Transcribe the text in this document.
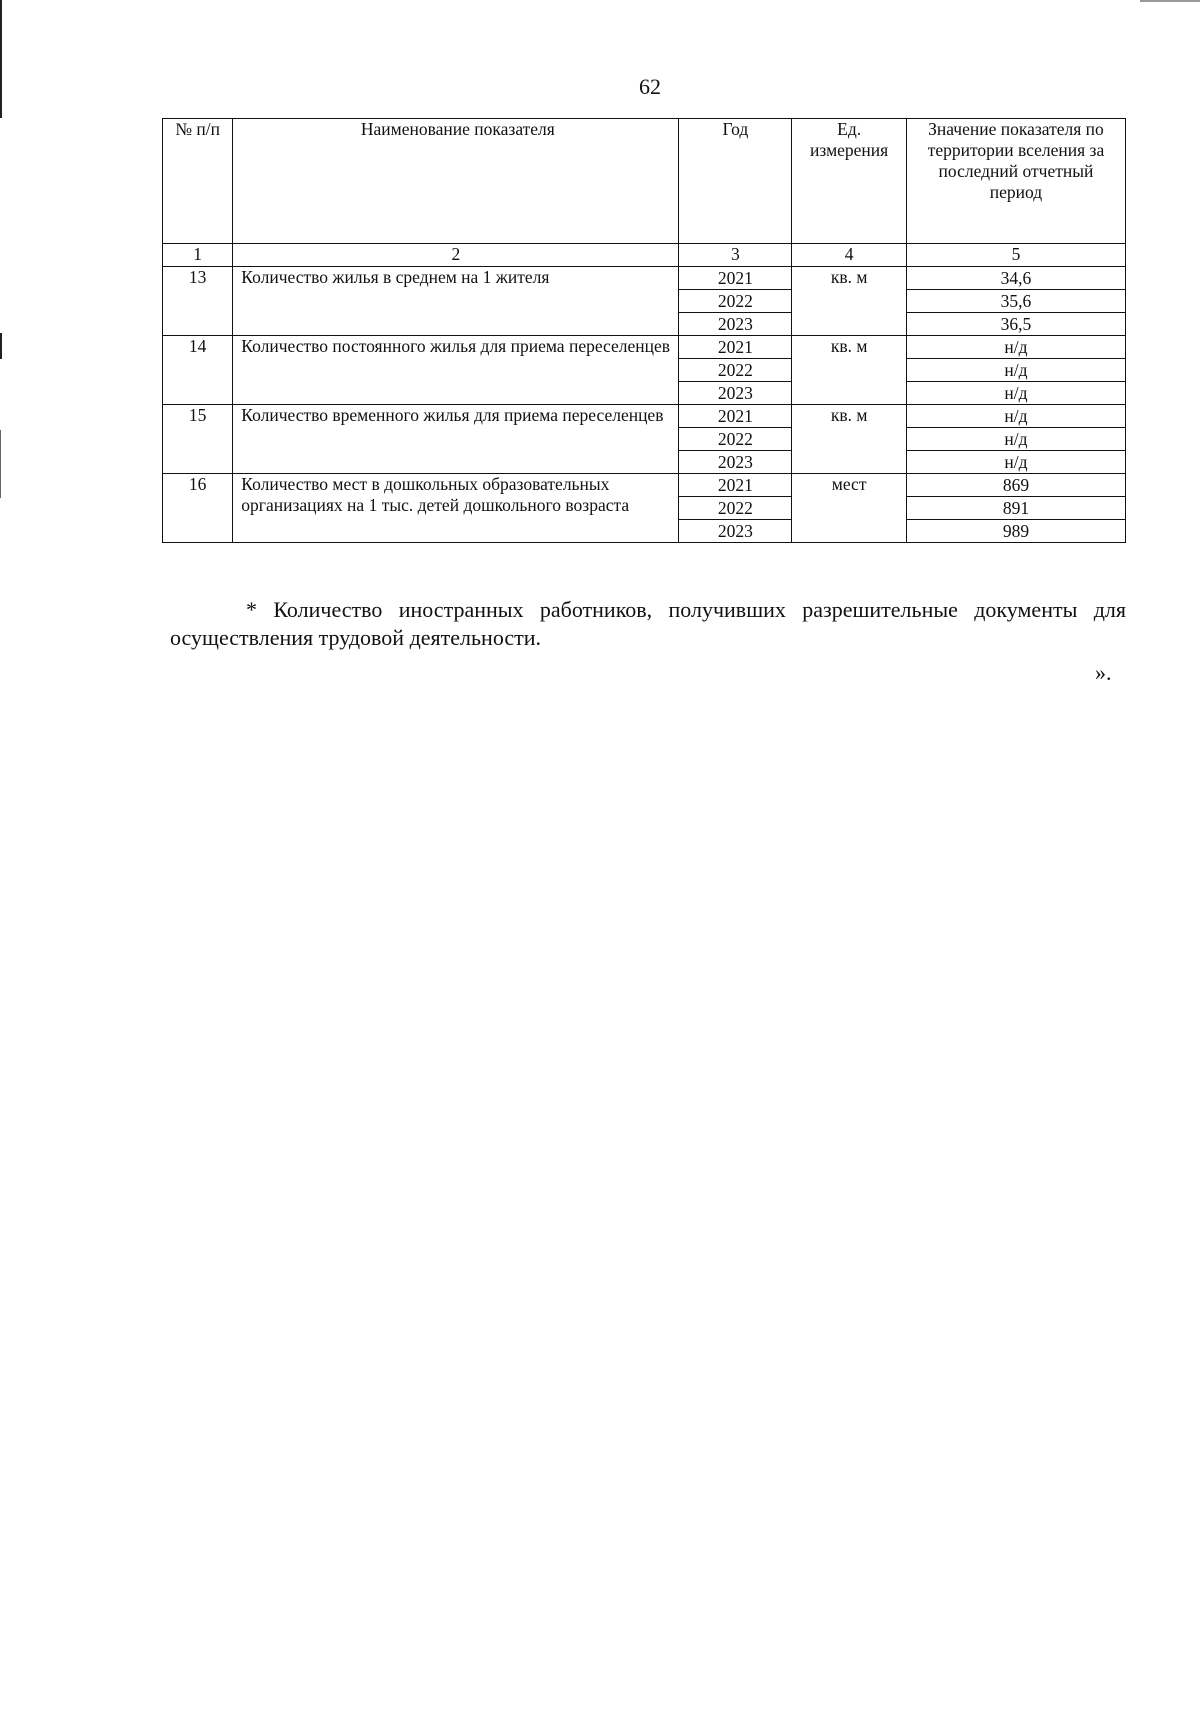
62
№ п/п	Наименование показателя	Год	Ед. измерения	Значение показателя по территории вселения за последний отчетный период
1	2	3	4	5
13	Количество жилья в среднем на 1 жителя	2021	кв. м	34,6
		2022		35,6
		2023		36,5
14	Количество постоянного жилья для приема переселенцев	2021	кв. м	н/д
		2022		н/д
		2023		н/д
15	Количество временного жилья для приема переселенцев	2021	кв. м	н/д
		2022		н/д
		2023		н/д
16	Количество мест в дошкольных образовательных организациях на 1 тыс. детей дошкольного возраста	2021	мест	869
		2022		891
		2023		989
* Количество иностранных работников, получивших разрешительные документы для осуществления трудовой деятельности.
».
